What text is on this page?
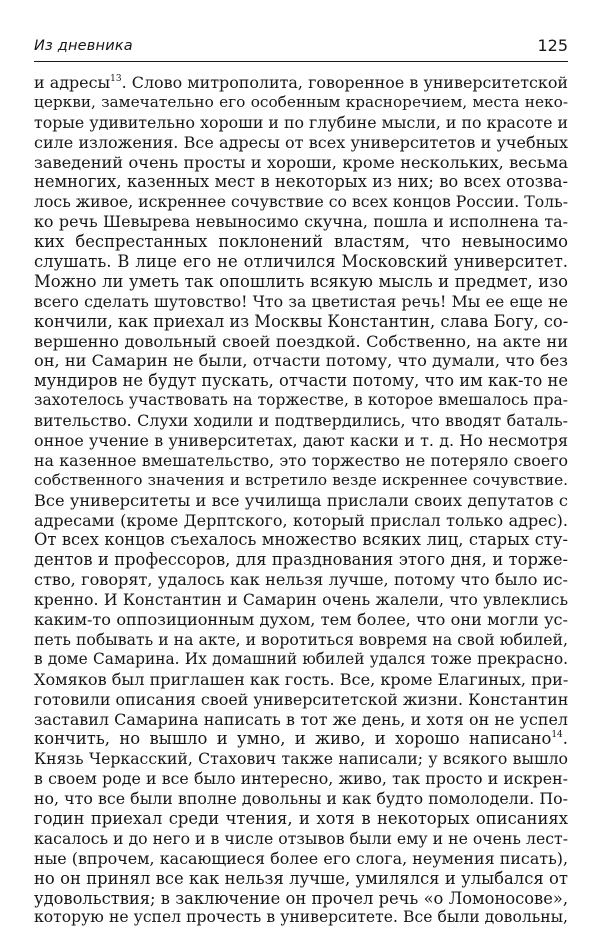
Из дневника	125
и адресы$^{13}$. Слово митрополита, говоренное в университетской
церкви, замечательно его особенным красноречием, места неко-
торые удивительно хороши и по глубине мысли, и по красоте и
силе изложения. Все адресы от всех университетов и учебных
заведений очень просты и хороши, кроме нескольких, весьма
немногих, казенных мест в некоторых из них; во всех отозва-
лось живое, искреннее сочувствие со всех концов России. Толь-
ко речь Шевырева невыносимо скучна, пошла и исполнена та-
ких беспрестанных поклонений властям, что невыносимо
слушать. В лице его не отличился Московский университет.
Можно ли уметь так опошлить всякую мысль и предмет, изо
всего сделать шутовство! Что за цветистая речь! Мы ее еще не
кончили, как приехал из Москвы Константин, слава Богу, со-
вершенно довольный своей поездкой. Собственно, на акте ни
он, ни Самарин не были, отчасти потому, что думали, что без
мундиров не будут пускать, отчасти потому, что им как-то не
захотелось участвовать на торжестве, в которое вмешалось пра-
вительство. Слухи ходили и подтвердились, что вводят баталь-
онное учение в университетах, дают каски и т. д. Но несмотря
на казенное вмешательство, это торжество не потеряло своего
собственного значения и встретило везде искреннее сочувствие.
Все университеты и все училища прислали своих депутатов с
адресами (кроме Дерптского, который прислал только адрес).
От всех концов съехалось множество всяких лиц, старых сту-
дентов и профессоров, для празднования этого дня, и торже-
ство, говорят, удалось как нельзя лучше, потому что было ис-
кренно. И Константин и Самарин очень жалели, что увлеклись
каким-то оппозиционным духом, тем более, что они могли ус-
петь побывать и на акте, и воротиться вовремя на свой юбилей,
в доме Самарина. Их домашний юбилей удался тоже прекрасно.
Хомяков был приглашен как гость. Все, кроме Елагиных, при-
готовили описания своей университетской жизни. Константин
заставил Самарина написать в тот же день, и хотя он не успел
кончить, но вышло и умно, и живо, и хорошо написано$^{14}$.
Князь Черкасский, Стахович также написали; у всякого вышло
в своем роде и все было интересно, живо, так просто и искрен-
но, что все были вполне довольны и как будто помолодели. По-
годин приехал среди чтения, и хотя в некоторых описаниях
касалось и до него и в числе отзывов были ему и не очень лест-
ные (впрочем, касающиеся более его слога, неумения писать),
но он принял все как нельзя лучше, умилялся и улыбался от
удовольствия; в заключение он прочел речь «о Ломоносове»,
которую не успел прочесть в университете. Все были довольны,
